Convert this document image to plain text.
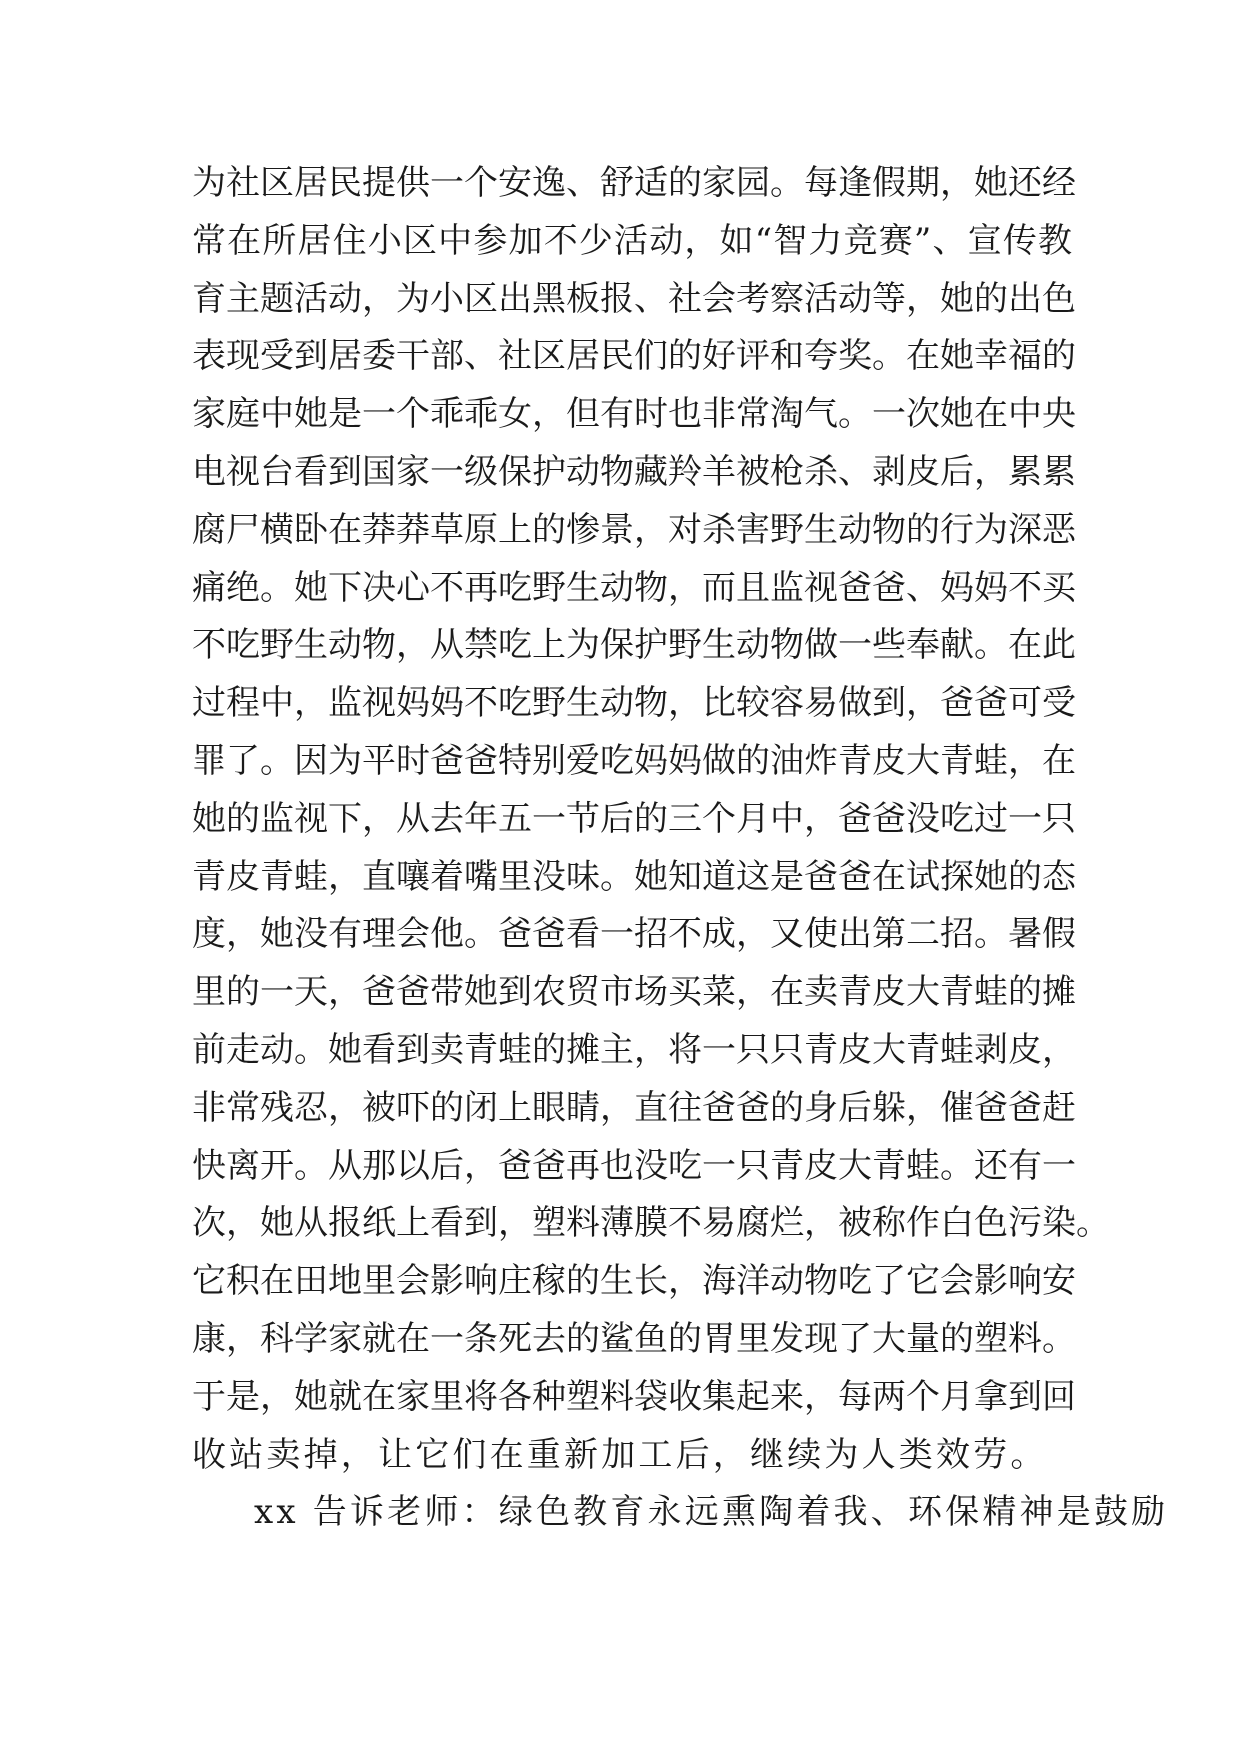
为社区居民提供一个安逸、舒适的家园。每逢假期，她还经
常在所居住小区中参加不少活动，如“智力竞赛”、宣传教
育主题活动，为小区出黑板报、社会考察活动等，她的出色
表现受到居委干部、社区居民们的好评和夸奖。在她幸福的
家庭中她是一个乖乖女，但有时也非常淘气。一次她在中央
电视台看到国家一级保护动物藏羚羊被枪杀、剥皮后，累累
腐尸横卧在莽莽草原上的惨景，对杀害野生动物的行为深恶
痛绝。她下决心不再吃野生动物，而且监视爸爸、妈妈不买
不吃野生动物，从禁吃上为保护野生动物做一些奉献。在此
过程中，监视妈妈不吃野生动物，比较容易做到，爸爸可受
罪了。因为平时爸爸特别爱吃妈妈做的油炸青皮大青蛙，在
她的监视下，从去年五一节后的三个月中，爸爸没吃过一只
青皮青蛙，直嚷着嘴里没味。她知道这是爸爸在试探她的态
度，她没有理会他。爸爸看一招不成，又使出第二招。暑假
里的一天，爸爸带她到农贸市场买菜，在卖青皮大青蛙的摊
前走动。她看到卖青蛙的摊主，将一只只青皮大青蛙剥皮，
非常残忍，被吓的闭上眼睛，直往爸爸的身后躲，催爸爸赶
快离开。从那以后，爸爸再也没吃一只青皮大青蛙。还有一
次，她从报纸上看到，塑料薄膜不易腐烂，被称作白色污染。
它积在田地里会影响庄稼的生长，海洋动物吃了它会影响安
康，科学家就在一条死去的鲨鱼的胃里发现了大量的塑料。
于是，她就在家里将各种塑料袋收集起来，每两个月拿到回
收站卖掉，让它们在重新加工后，继续为人类效劳。
xx 告诉老师：绿色教育永远熏陶着我、环保精神是鼓励
